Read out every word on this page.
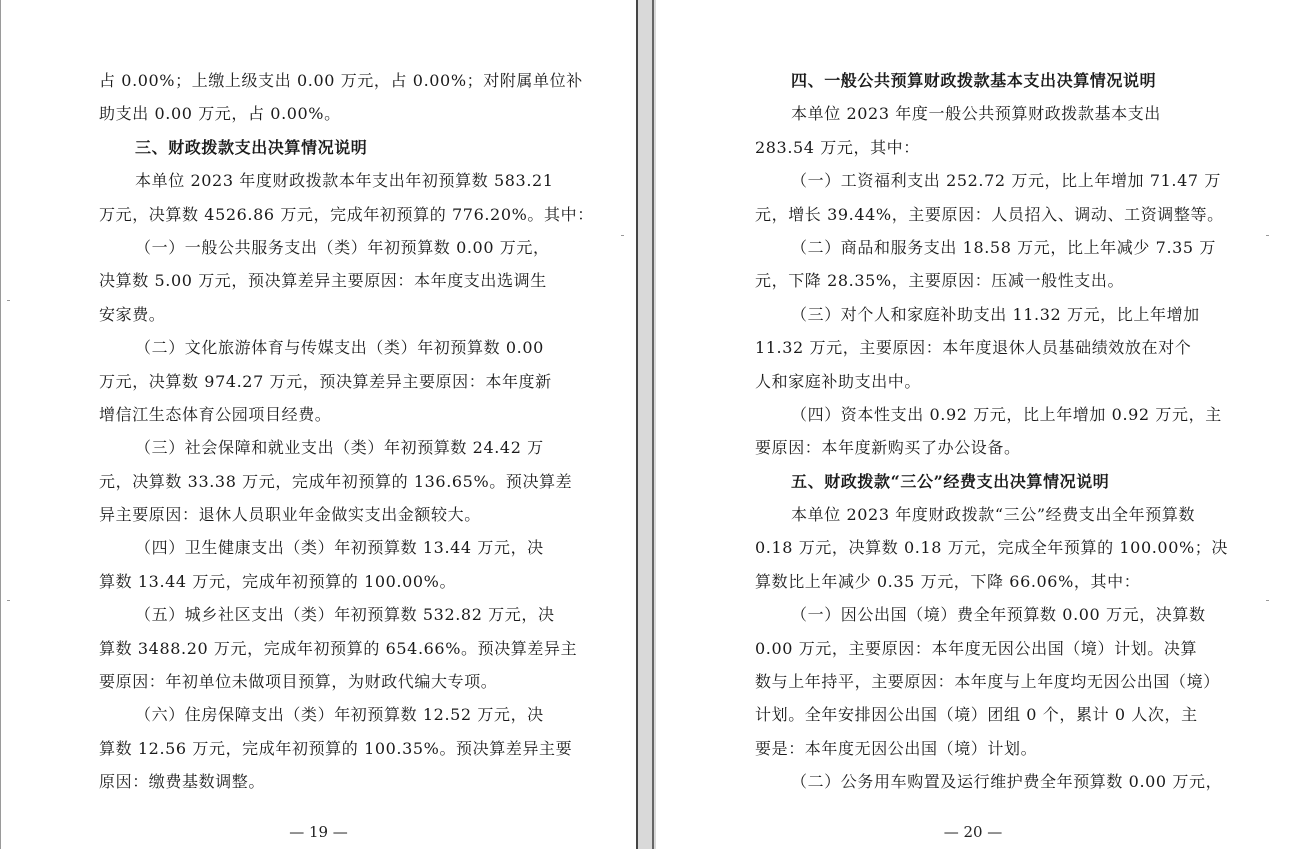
占 0.00%；上缴上级支出 0.00 万元，占 0.00%；对附属单位补
助支出 0.00 万元，占 0.00%。
三、财政拨款支出决算情况说明
本单位 2023 年度财政拨款本年支出年初预算数 583.21
万元，决算数 4526.86 万元，完成年初预算的 776.20%。其中：
（一）一般公共服务支出（类）年初预算数 0.00 万元，
决算数 5.00 万元，预决算差异主要原因：本年度支出选调生
安家费。
（二）文化旅游体育与传媒支出（类）年初预算数 0.00
万元，决算数 974.27 万元，预决算差异主要原因：本年度新
增信江生态体育公园项目经费。
（三）社会保障和就业支出（类）年初预算数 24.42 万
元，决算数 33.38 万元，完成年初预算的 136.65%。预决算差
异主要原因：退休人员职业年金做实支出金额较大。
（四）卫生健康支出（类）年初预算数 13.44 万元，决
算数 13.44 万元，完成年初预算的 100.00%。
（五）城乡社区支出（类）年初预算数 532.82 万元，决
算数 3488.20 万元，完成年初预算的 654.66%。预决算差异主
要原因：年初单位未做项目预算，为财政代编大专项。
（六）住房保障支出（类）年初预算数 12.52 万元，决
算数 12.56 万元，完成年初预算的 100.35%。预决算差异主要
原因：缴费基数调整。
— 19 —
四、一般公共预算财政拨款基本支出决算情况说明
本单位 2023 年度一般公共预算财政拨款基本支出
283.54 万元，其中：
（一）工资福利支出 252.72 万元，比上年增加 71.47 万
元，增长 39.44%，主要原因：人员招入、调动、工资调整等。
（二）商品和服务支出 18.58 万元，比上年减少 7.35 万
元，下降 28.35%，主要原因：压减一般性支出。
（三）对个人和家庭补助支出 11.32 万元，比上年增加
11.32 万元，主要原因：本年度退休人员基础绩效放在对个
人和家庭补助支出中。
（四）资本性支出 0.92 万元，比上年增加 0.92 万元，主
要原因：本年度新购买了办公设备。
五、财政拨款“三公”经费支出决算情况说明
本单位 2023 年度财政拨款“三公”经费支出全年预算数
0.18 万元，决算数 0.18 万元，完成全年预算的 100.00%；决
算数比上年减少 0.35 万元，下降 66.06%，其中：
（一）因公出国（境）费全年预算数 0.00 万元，决算数
0.00 万元，主要原因：本年度无因公出国（境）计划。决算
数与上年持平，主要原因：本年度与上年度均无因公出国（境）
计划。全年安排因公出国（境）团组 0 个，累计 0 人次，主
要是：本年度无因公出国（境）计划。
（二）公务用车购置及运行维护费全年预算数 0.00 万元，
— 20 —
